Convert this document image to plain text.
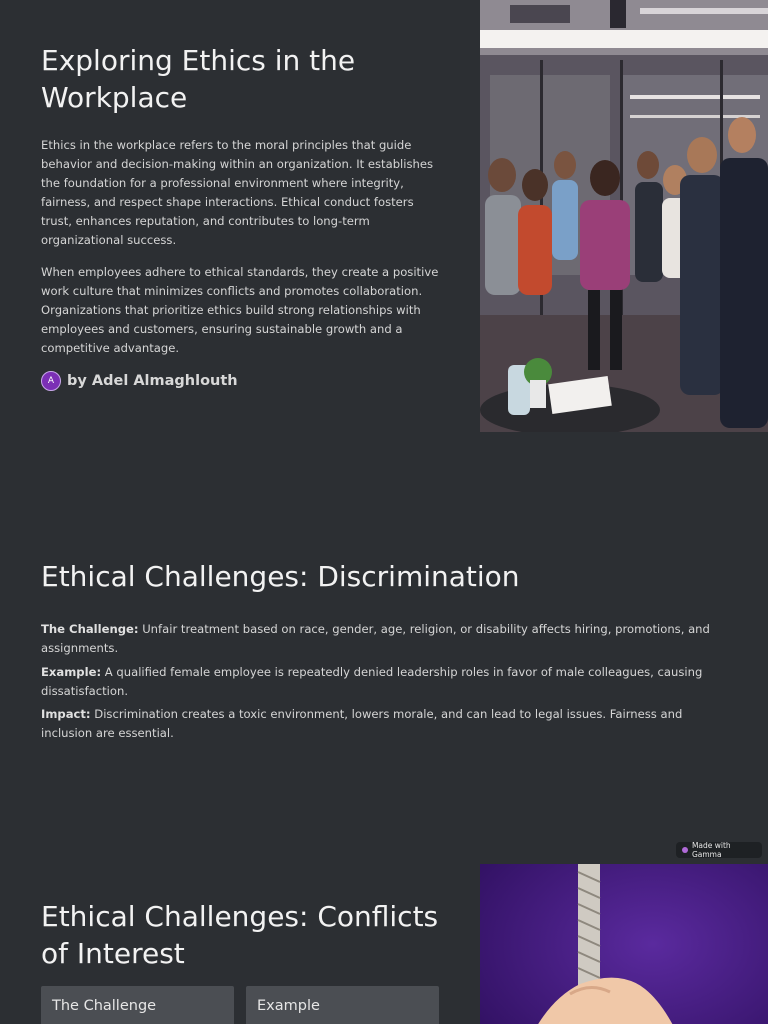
Exploring Ethics in the Workplace

Ethics in the workplace refers to the moral principles that guide behavior and decision-making within an organization. It establishes the foundation for a professional environment where integrity, fairness, and respect shape interactions. Ethical conduct fosters trust, enhances reputation, and contributes to long-term organizational success.

When employees adhere to ethical standards, they create a positive work culture that minimizes conflicts and promotes collaboration. Organizations that prioritize ethics build strong relationships with employees and customers, ensuring sustainable growth and a competitive advantage.

A by Adel Almaghlouth
Ethical Challenges: Discrimination

The Challenge: Unfair treatment based on race, gender, age, religion, or disability affects hiring, promotions, and assignments.

Example: A qualified female employee is repeatedly denied leadership roles in favor of male colleagues, causing dissatisfaction.

Impact: Discrimination creates a toxic environment, lowers morale, and can lead to legal issues. Fairness and inclusion are essential.

Made with Gamma
Ethical Challenges: Conflicts of Interest
The Challenge	Example
